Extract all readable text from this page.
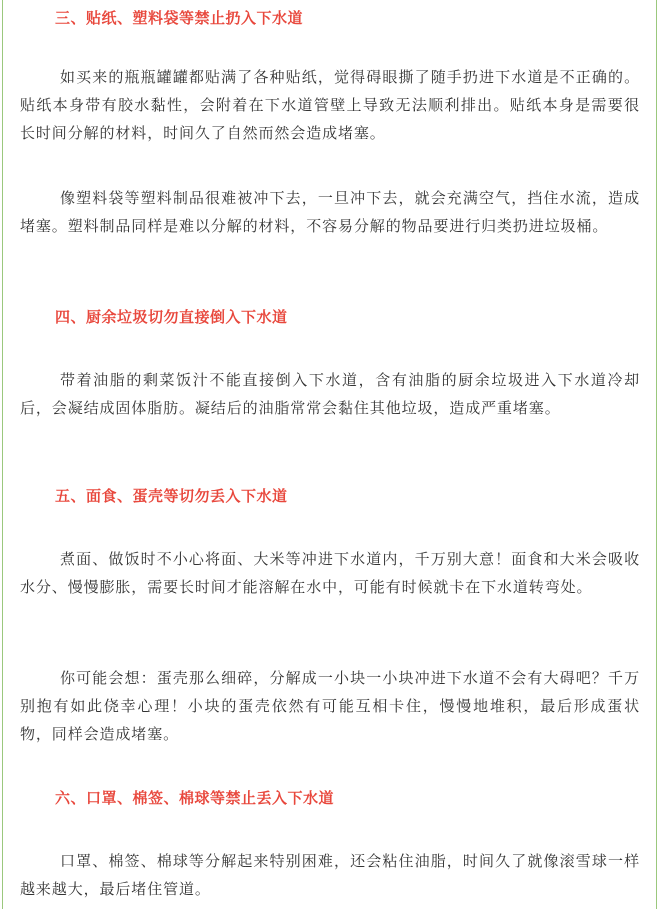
三、贴纸、塑料袋等禁止扔入下水道

如买来的瓶瓶罐罐都贴满了各种贴纸，觉得碍眼撕了随手扔进下水道是不正确的。贴纸本身带有胶水黏性，会附着在下水道管壁上导致无法顺利排出。贴纸本身是需要很长时间分解的材料，时间久了自然而然会造成堵塞。

像塑料袋等塑料制品很难被冲下去，一旦冲下去，就会充满空气，挡住水流，造成堵塞。塑料制品同样是难以分解的材料，不容易分解的物品要进行归类扔进垃圾桶。

四、厨余垃圾切勿直接倒入下水道

带着油脂的剩菜饭汁不能直接倒入下水道，含有油脂的厨余垃圾进入下水道冷却后，会凝结成固体脂肪。凝结后的油脂常常会黏住其他垃圾，造成严重堵塞。

五、面食、蛋壳等切勿丢入下水道

煮面、做饭时不小心将面、大米等冲进下水道内，千万别大意！面食和大米会吸收水分、慢慢膨胀，需要长时间才能溶解在水中，可能有时候就卡在下水道转弯处。

你可能会想：蛋壳那么细碎，分解成一小块一小块冲进下水道不会有大碍吧？千万别抱有如此侥幸心理！小块的蛋壳依然有可能互相卡住，慢慢地堆积，最后形成蛋状物，同样会造成堵塞。

六、口罩、棉签、棉球等禁止丢入下水道

口罩、棉签、棉球等分解起来特别困难，还会粘住油脂，时间久了就像滚雪球一样越来越大，最后堵住管道。
